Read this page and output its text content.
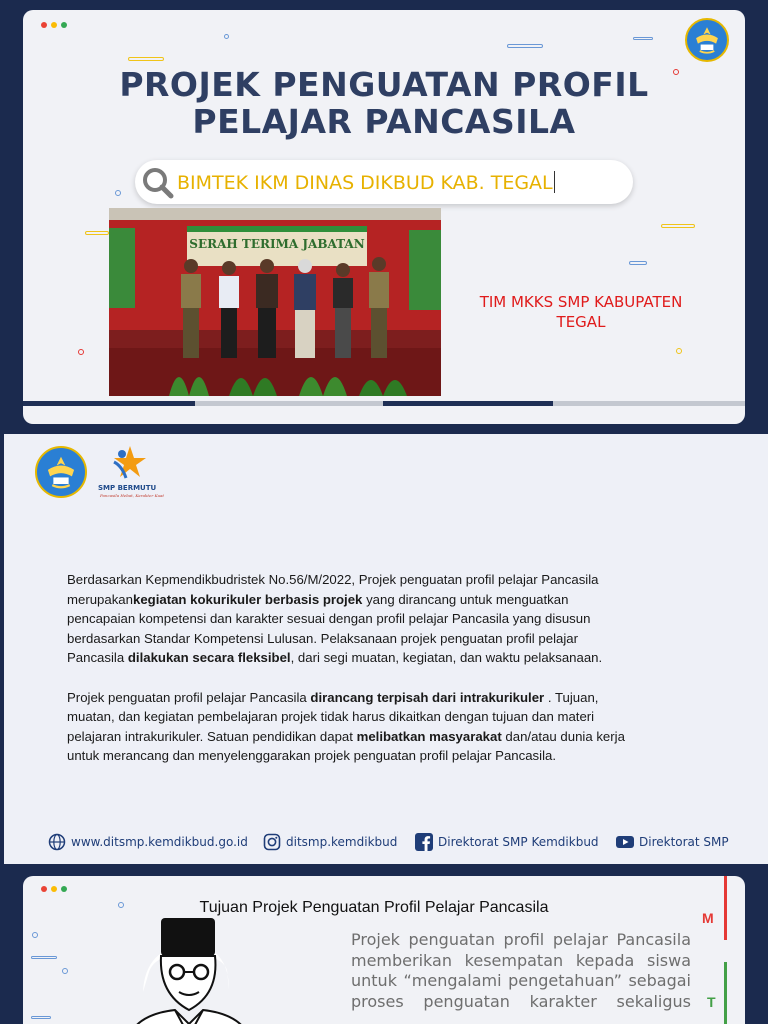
PROJEK PENGUATAN PROFIL
PELAJAR PANCASILA
BIMTEK IKM DINAS DIKBUD KAB. TEGAL
SERAH TERIMA JABATAN
TIM MKKS SMP KABUPATEN
TEGAL
SMP BERMUTU
Pancasila Hebat, Karakter Kuat

Berdasarkan Kepmendikbudristek No.56/M/2022, Projek penguatan profil pelajar Pancasila merupakankegiatan kokurikuler berbasis projek yang dirancang untuk menguatkan pencapaian kompetensi dan karakter sesuai dengan profil pelajar Pancasila yang disusun berdasarkan Standar Kompetensi Lulusan. Pelaksanaan projek penguatan profil pelajar Pancasila dilakukan secara fleksibel, dari segi muatan, kegiatan, dan waktu pelaksanaan.

Projek penguatan profil pelajar Pancasila dirancang terpisah dari intrakurikuler . Tujuan, muatan, dan kegiatan pembelajaran projek tidak harus dikaitkan dengan tujuan dan materi pelajaran intrakurikuler. Satuan pendidikan dapat melibatkan masyarakat dan/atau dunia kerja untuk merancang dan menyelenggarakan projek penguatan profil pelajar Pancasila.

www.ditsmp.kemdikbud.go.id	ditsmp.kemdikbud	Direktorat SMP Kemdikbud	Direktorat SMP
Tujuan Projek Penguatan Profil Pelajar Pancasila
Projek penguatan profil pelajar Pancasila memberikan kesempatan kepada siswa untuk “mengalami pengetahuan” sebagai proses penguatan karakter sekaligus
M
T
